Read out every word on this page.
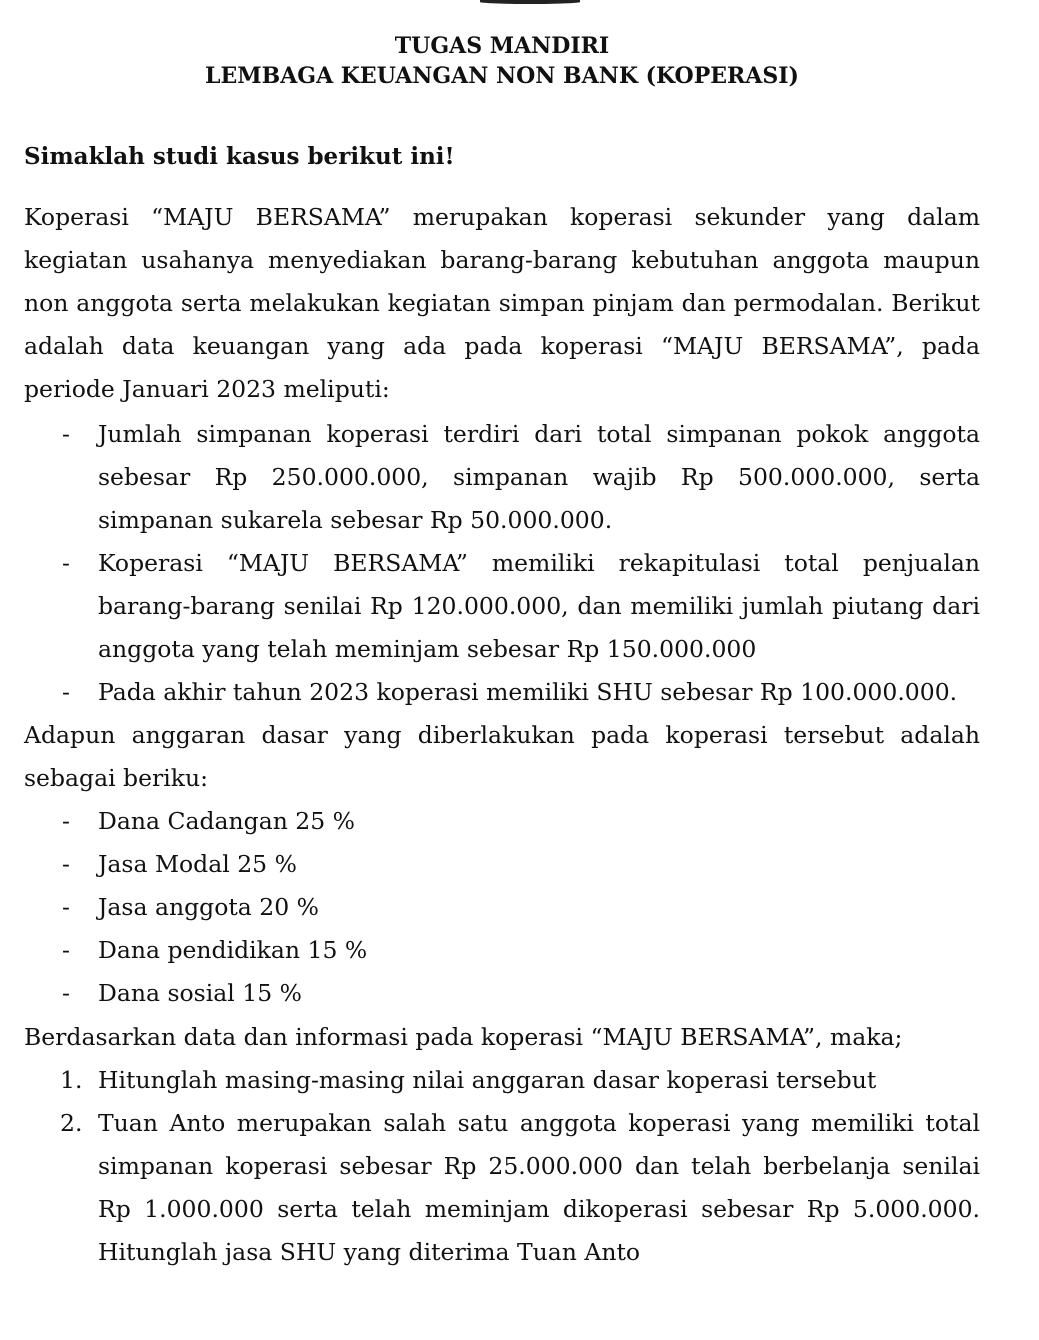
TUGAS MANDIRI

LEMBAGA KEUANGAN NON BANK (KOPERASI)

Simaklah studi kasus berikut ini!

Koperasi “MAJU BERSAMA” merupakan koperasi sekunder yang dalam kegiatan usahanya menyediakan barang-barang kebutuhan anggota maupun non anggota serta melakukan kegiatan simpan pinjam dan permodalan. Berikut adalah data keuangan yang ada pada koperasi “MAJU BERSAMA”, pada periode Januari 2023 meliputi:

- Jumlah simpanan koperasi terdiri dari total simpanan pokok anggota sebesar Rp 250.000.000, simpanan wajib Rp 500.000.000, serta simpanan sukarela sebesar Rp 50.000.000.
- Koperasi “MAJU BERSAMA” memiliki rekapitulasi total penjualan barang-barang senilai Rp 120.000.000, dan memiliki jumlah piutang dari anggota yang telah meminjam sebesar Rp 150.000.000
- Pada akhir tahun 2023 koperasi memiliki SHU sebesar Rp 100.000.000.

Adapun anggaran dasar yang diberlakukan pada koperasi tersebut adalah sebagai beriku:

- Dana Cadangan 25 %
- Jasa Modal 25 %
- Jasa anggota 20 %
- Dana pendidikan 15 %
- Dana sosial 15 %

Berdasarkan data dan informasi pada koperasi “MAJU BERSAMA”, maka;

1. Hitunglah masing-masing nilai anggaran dasar koperasi tersebut
2. Tuan Anto merupakan salah satu anggota koperasi yang memiliki total simpanan koperasi sebesar Rp 25.000.000 dan telah berbelanja senilai Rp 1.000.000 serta telah meminjam dikoperasi sebesar Rp 5.000.000. Hitunglah jasa SHU yang diterima Tuan Anto
